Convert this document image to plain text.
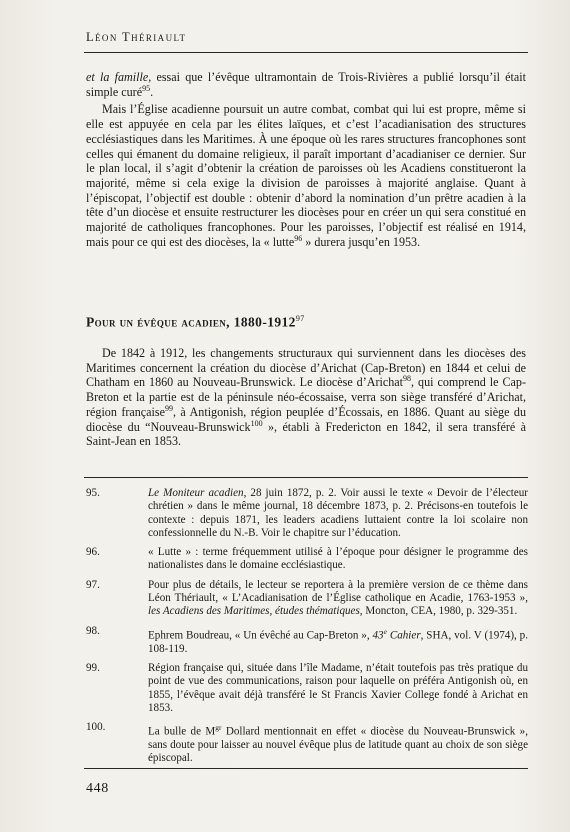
Léon Thériault

et la famille, essai que l’évêque ultramontain de Trois-Rivières a publié lorsqu’il était simple curé$^{95}$.

Mais l’Église acadienne poursuit un autre combat, combat qui lui est propre, même si elle est appuyée en cela par les élites laïques, et c’est l’acadianisation des structures ecclésiastiques dans les Maritimes. À une époque où les rares structures francophones sont celles qui émanent du domaine religieux, il paraît important d’acadianiser ce dernier. Sur le plan local, il s’agit d’obtenir la création de paroisses où les Acadiens constitueront la majorité, même si cela exige la division de paroisses à majorité anglaise. Quant à l’épiscopat, l’objectif est double : obtenir d’abord la nomination d’un prêtre acadien à la tête d’un diocèse et ensuite restructurer les diocèses pour en créer un qui sera constitué en majorité de catholiques francophones. Pour les paroisses, l’objectif est réalisé en 1914, mais pour ce qui est des diocèses, la « lutte$^{96}$ » durera jusqu’en 1953.

Pour un évêque acadien, 1880-1912$^{97}$

De 1842 à 1912, les changements structuraux qui surviennent dans les diocèses des Maritimes concernent la création du diocèse d’Arichat (Cap-Breton) en 1844 et celui de Chatham en 1860 au Nouveau-Brunswick. Le diocèse d’Arichat$^{98}$, qui comprend le Cap-Breton et la partie est de la péninsule néo-écossaise, verra son siège transféré d’Arichat, région française$^{99}$, à Antigonish, région peuplée d’Écossais, en 1886. Quant au siège du diocèse du “Nouveau-Brunswick$^{100}$ », établi à Fredericton en 1842, il sera transféré à Saint-Jean en 1853.

95.	Le Moniteur acadien, 28 juin 1872, p. 2. Voir aussi le texte « Devoir de l’électeur chrétien » dans le même journal, 18 décembre 1873, p. 2. Précisons-en toutefois le contexte : depuis 1871, les leaders acadiens luttaient contre la loi scolaire non confessionnelle du N.-B. Voir le chapitre sur l’éducation.
96.	« Lutte » : terme fréquemment utilisé à l’époque pour désigner le programme des nationalistes dans le domaine ecclésiastique.
97.	Pour plus de détails, le lecteur se reportera à la première version de ce thème dans Léon Thériault, « L’Acadianisation de l’Église catholique en Acadie, 1763-1953 », les Acadiens des Maritimes, études thématiques, Moncton, CEA, 1980, p. 329-351.
98.	Ephrem Boudreau, « Un évêché au Cap-Breton », 43e Cahier, SHA, vol. V (1974), p. 108-119.
99.	Région française qui, située dans l’île Madame, n’était toutefois pas très pratique du point de vue des communications, raison pour laquelle on préféra Antigonish où, en 1855, l’évêque avait déjà transféré le St Francis Xavier College fondé à Arichat en 1853.
100.	La bulle de $M^{gr}$ Dollard mentionnait en effet « diocèse du Nouveau-Brunswick », sans doute pour laisser au nouvel évêque plus de latitude quant au choix de son siège épiscopal.
448
